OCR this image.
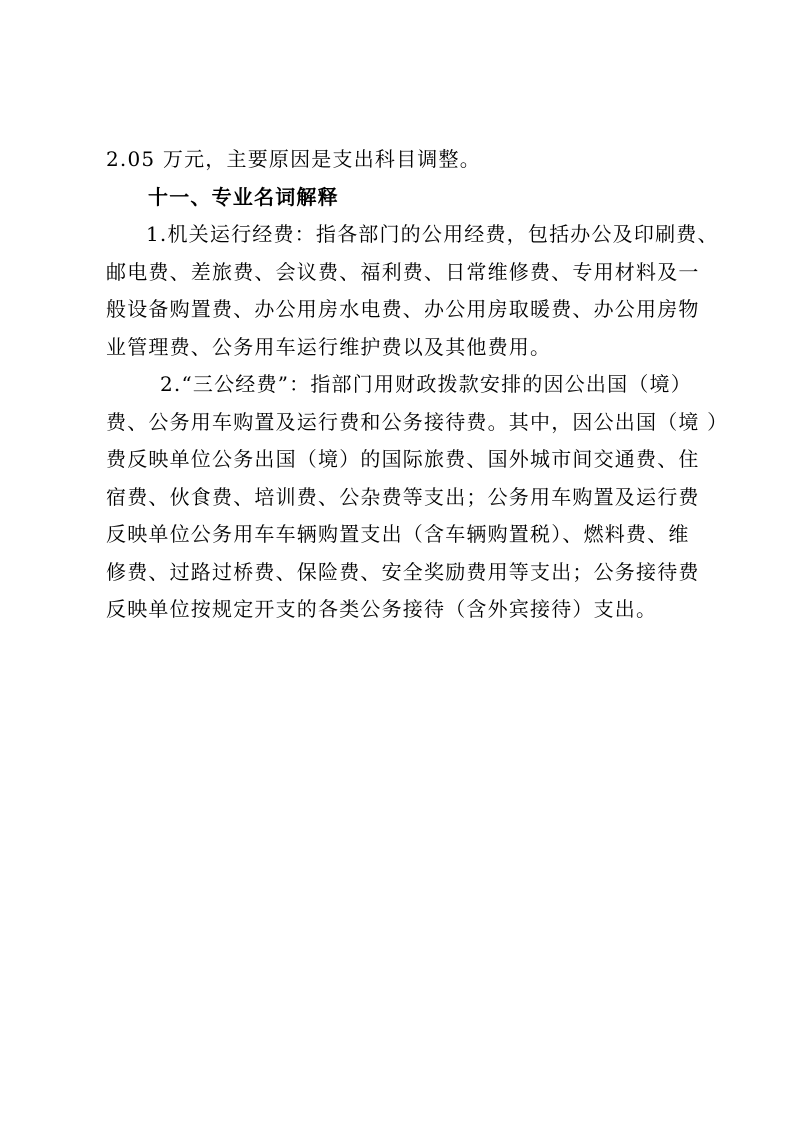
2.05 万元，主要原因是支出科目调整。
十一、专业名词解释
1.机关运行经费：指各部门的公用经费，包括办公及印刷费、
邮电费、差旅费、会议费、福利费、日常维修费、专用材料及一
般设备购置费、办公用房水电费、办公用房取暖费、办公用房物
业管理费、公务用车运行维护费以及其他费用。
2.“三公经费”：指部门用财政拨款安排的因公出国（境）
费、公务用车购置及运行费和公务接待费。其中，因公出国（境 ）
费反映单位公务出国（境）的国际旅费、国外城市间交通费、住
宿费、伙食费、培训费、公杂费等支出；公务用车购置及运行费
反映单位公务用车车辆购置支出（含车辆购置税）、燃料费、维
修费、过路过桥费、保险费、安全奖励费用等支出；公务接待费
反映单位按规定开支的各类公务接待（含外宾接待）支出。
